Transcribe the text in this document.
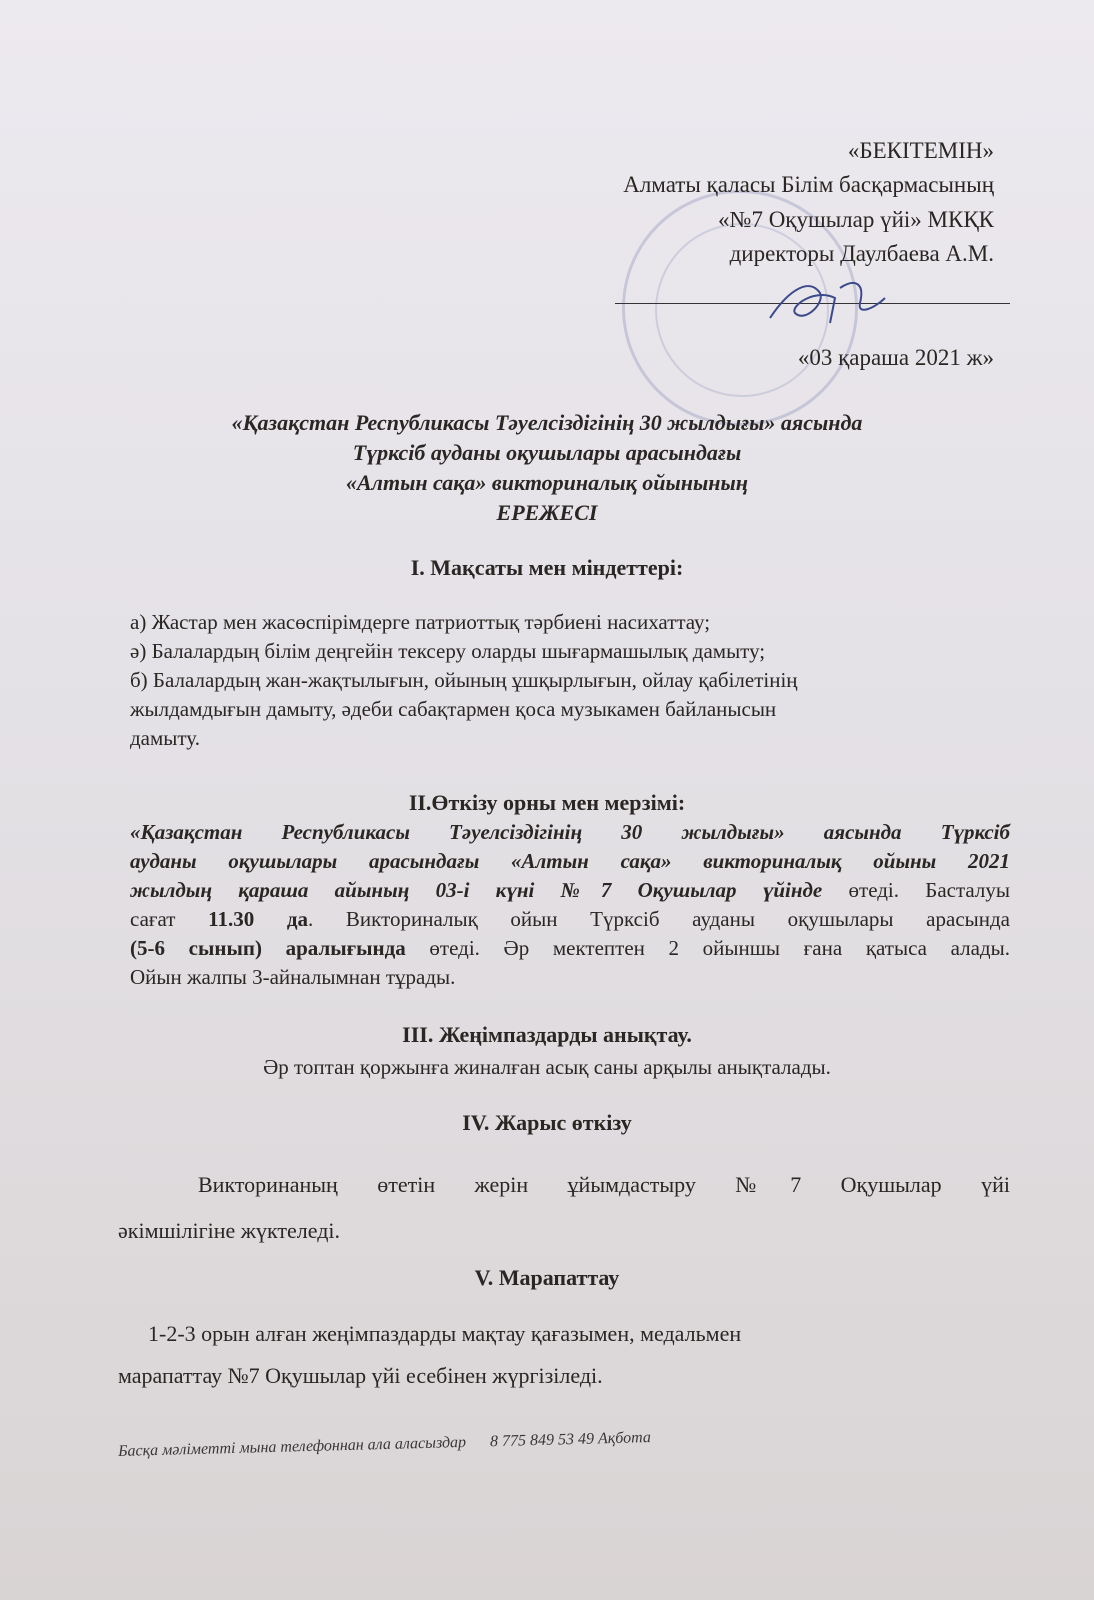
«БЕКІТЕМІН»
Алматы қаласы Білім басқармасының
«№7 Оқушылар үйі» МКҚК
директоры Даулбаева А.М.
«03 қараша 2021 ж»
«Қазақстан Республикасы Тәуелсіздігінің 30 жылдығы» аясында
Түрксіб ауданы оқушылары арасындағы
«Алтын сақа» викториналық ойынының
ЕРЕЖЕСІ
І. Мақсаты мен міндеттері:
а) Жастар мен жасөспірімдерге патриоттық тәрбиені насихаттау;
ә) Балалардың білім деңгейін тексеру оларды шығармашылық дамыту;
б) Балалардың жан-жақтылығын, ойының ұшқырлығын, ойлау қабілетінің
жылдамдығын дамыту, әдеби сабақтармен қоса музыкамен байланысын
дамыту.
ІІ.Өткізу орны мен мерзімі:
«Қазақстан Республикасы Тәуелсіздігінің 30 жылдығы» аясында Түрксіб
ауданы оқушылары арасындағы «Алтын сақа» викториналық ойыны 2021
жылдың қараша айының 03-і күні №7 Оқушылар үйінде өтеді. Басталуы
сағат 11.30 да. Викториналық ойын Түрксіб ауданы оқушылары арасында
(5-6 сынып) аралығында өтеді. Әр мектептен 2 ойыншы ғана қатыса алады.
Ойын жалпы 3-айналымнан тұрады.
ІІІ. Жеңімпаздарды анықтау.
Әр топтан қоржынға жиналған асық саны арқылы анықталады.
ІV. Жарыс өткізу
Викторинаның өтетін жерін ұйымдастыру №7 Оқушылар үйі
әкімшілігіне жүктеледі.
V. Марапаттау
1-2-3 орын алған жеңімпаздарды мақтау қағазымен, медальмен
марапаттау №7 Оқушылар үйі есебінен жүргізіледі.
Басқа мәліметті мына телефоннан ала аласыздар 8 775 849 53 49 Ақбота
